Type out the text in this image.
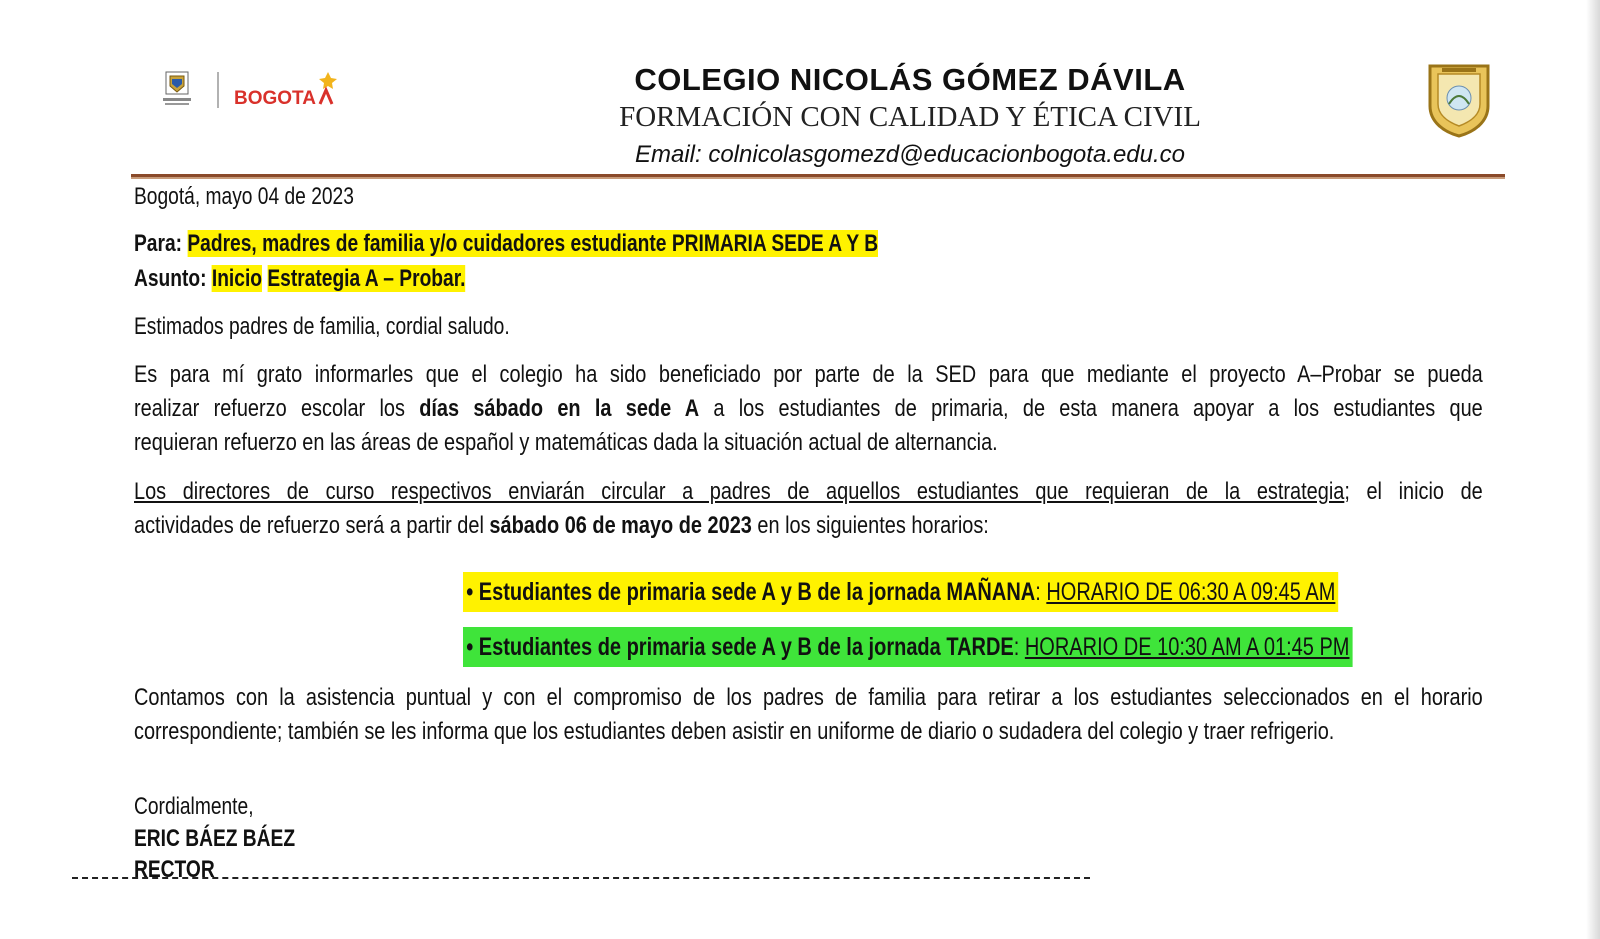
BOGOTA
COLEGIO NICOLÁS GÓMEZ DÁVILA
FORMACIÓN CON CALIDAD Y ÉTICA CIVIL
Email: colnicolasgomezd@educacionbogota.edu.co
Bogotá, mayo 04 de 2023
Para: Padres, madres de familia y/o cuidadores estudiante PRIMARIA SEDE A Y B
Asunto: Inicio Estrategia A – Probar.
Estimados padres de familia, cordial saludo.
Es para mí grato informarles que el colegio ha sido beneficiado por parte de la SED para que mediante el proyecto A–Probar se pueda
realizar refuerzo escolar los días sábado en la sede A a los estudiantes de primaria, de esta manera apoyar a los estudiantes que
requieran refuerzo en las áreas de español y matemáticas dada la situación actual de alternancia.
Los directores de curso respectivos enviarán circular a padres de aquellos estudiantes que requieran de la estrategia; el inicio de
actividades de refuerzo será a partir del sábado 06 de mayo de 2023 en los siguientes horarios:
• Estudiantes de primaria sede A y B de la jornada MAÑANA: HORARIO DE 06:30 A 09:45 AM
• Estudiantes de primaria sede A y B de la jornada TARDE: HORARIO DE 10:30 AM A 01:45 PM
Contamos con la asistencia puntual y con el compromiso de los padres de familia para retirar a los estudiantes seleccionados en el horario
correspondiente; también se les informa que los estudiantes deben asistir en uniforme de diario o sudadera del colegio y traer refrigerio.
Cordialmente,
ERIC BÁEZ BÁEZ
RECTOR
